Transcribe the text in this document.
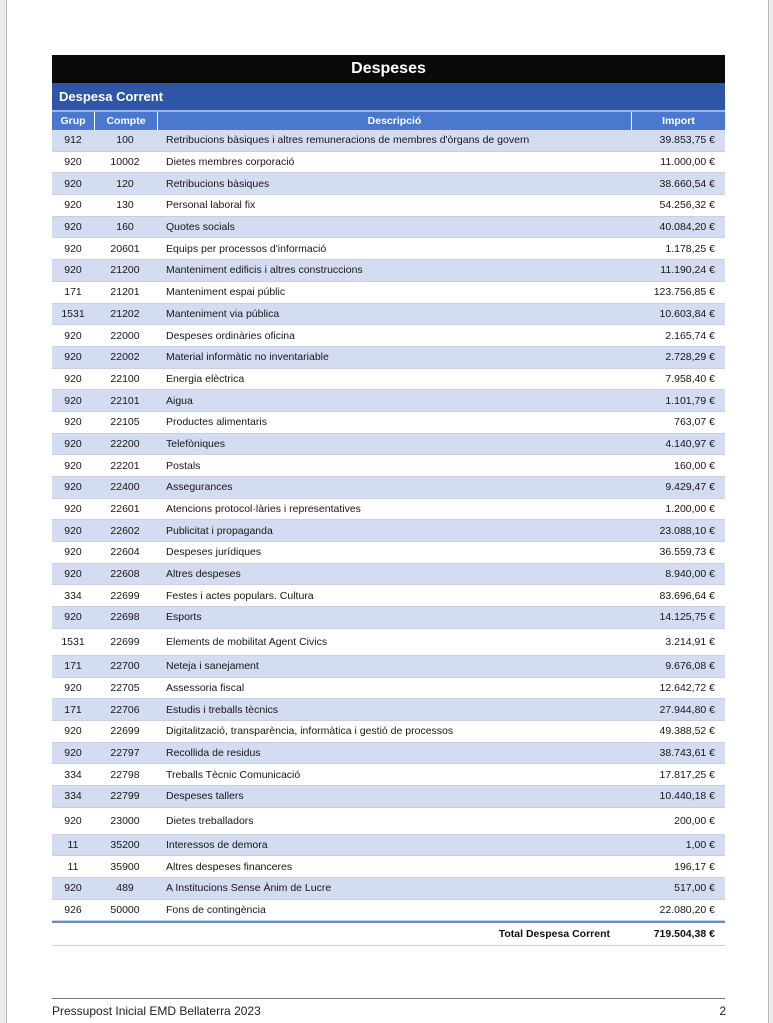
Despeses
Despesa Corrent
Grup	Compte	Descripció	Import
912	100	Retribucions bàsiques i altres remuneracions de membres d'òrgans de govern	39.853,75 €
920	10002	Dietes membres corporació	11.000,00 €
920	120	Retribucions bàsiques	38.660,54 €
920	130	Personal laboral fix	54.256,32 €
920	160	Quotes socials	40.084,20 €
920	20601	Equips per processos d'informació	1.178,25 €
920	21200	Manteniment edificis i altres construccions	11.190,24 €
171	21201	Manteniment espai públic	123.756,85 €
1531	21202	Manteniment via pública	10.603,84 €
920	22000	Despeses ordinàries oficina	2.165,74 €
920	22002	Material informàtic no inventariable	2.728,29 €
920	22100	Energia elèctrica	7.958,40 €
920	22101	Aigua	1.101,79 €
920	22105	Productes alimentaris	763,07 €
920	22200	Telefòniques	4.140,97 €
920	22201	Postals	160,00 €
920	22400	Assegurances	9.429,47 €
920	22601	Atencions protocol·làries i representatives	1.200,00 €
920	22602	Publicitat i propaganda	23.088,10 €
920	22604	Despeses jurídiques	36.559,73 €
920	22608	Altres despeses	8.940,00 €
334	22699	Festes i actes populars. Cultura	83.696,64 €
920	22698	Esports	14.125,75 €
1531	22699	Elements de mobilitat Agent Civics	3.214,91 €
171	22700	Neteja i sanejament	9.676,08 €
920	22705	Assessoria fiscal	12.642,72 €
171	22706	Estudis i treballs tècnics	27.944,80 €
920	22699	Digitalització, transparència, informàtica i gestió de processos	49.388,52 €
920	22797	Recollida de residus	38.743,61 €
334	22798	Treballs Tècnic Comunicació	17.817,25 €
334	22799	Despeses tallers	10.440,18 €
920	23000	Dietes treballadors	200,00 €
11	35200	Interessos de demora	1,00 €
11	35900	Altres despeses financeres	196,17 €
920	489	A Institucions Sense Ànim de Lucre	517,00 €
926	50000	Fons de contingència	22.080,20 €
Total Despesa Corrent	719.504,38 €
Pressupost Inicial EMD Bellaterra 2023	2
